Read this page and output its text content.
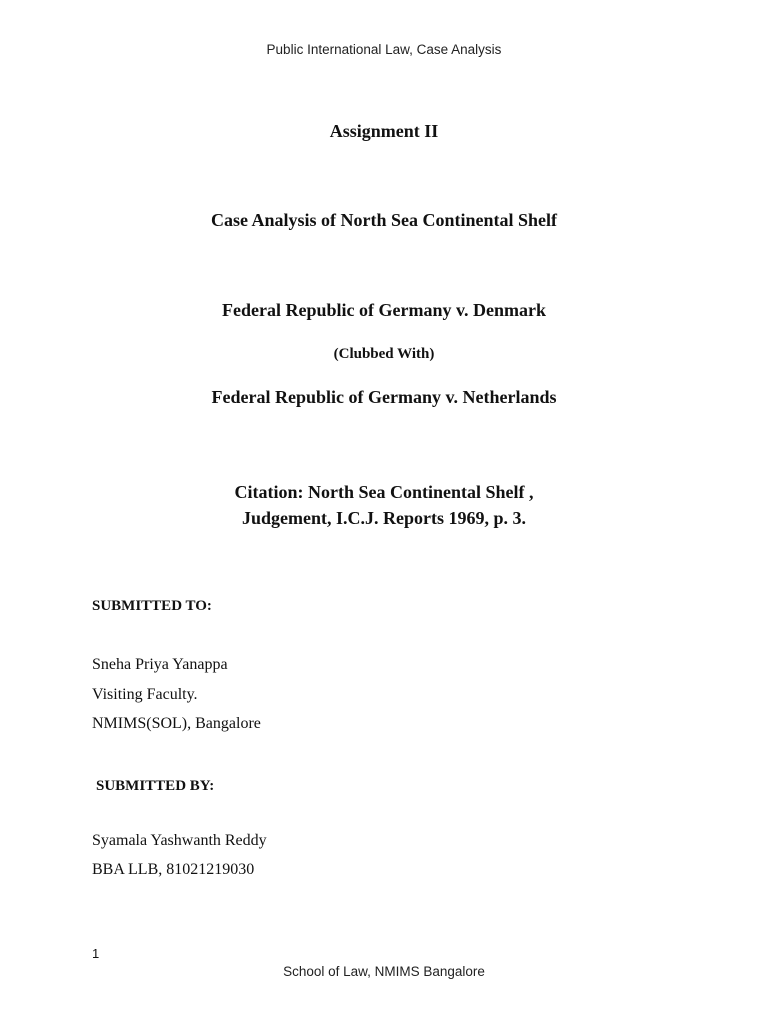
Public International Law, Case Analysis
Assignment II
Case Analysis of North Sea Continental Shelf
Federal Republic of Germany v. Denmark
(Clubbed With)
Federal Republic of Germany v. Netherlands
Citation: North Sea Continental Shelf ,
Judgement, I.C.J. Reports 1969, p. 3.
SUBMITTED TO:
Sneha Priya Yanappa
Visiting Faculty.
NMIMS(SOL), Bangalore
SUBMITTED BY:
Syamala Yashwanth Reddy
BBA LLB, 81021219030
1
School of Law, NMIMS Bangalore
